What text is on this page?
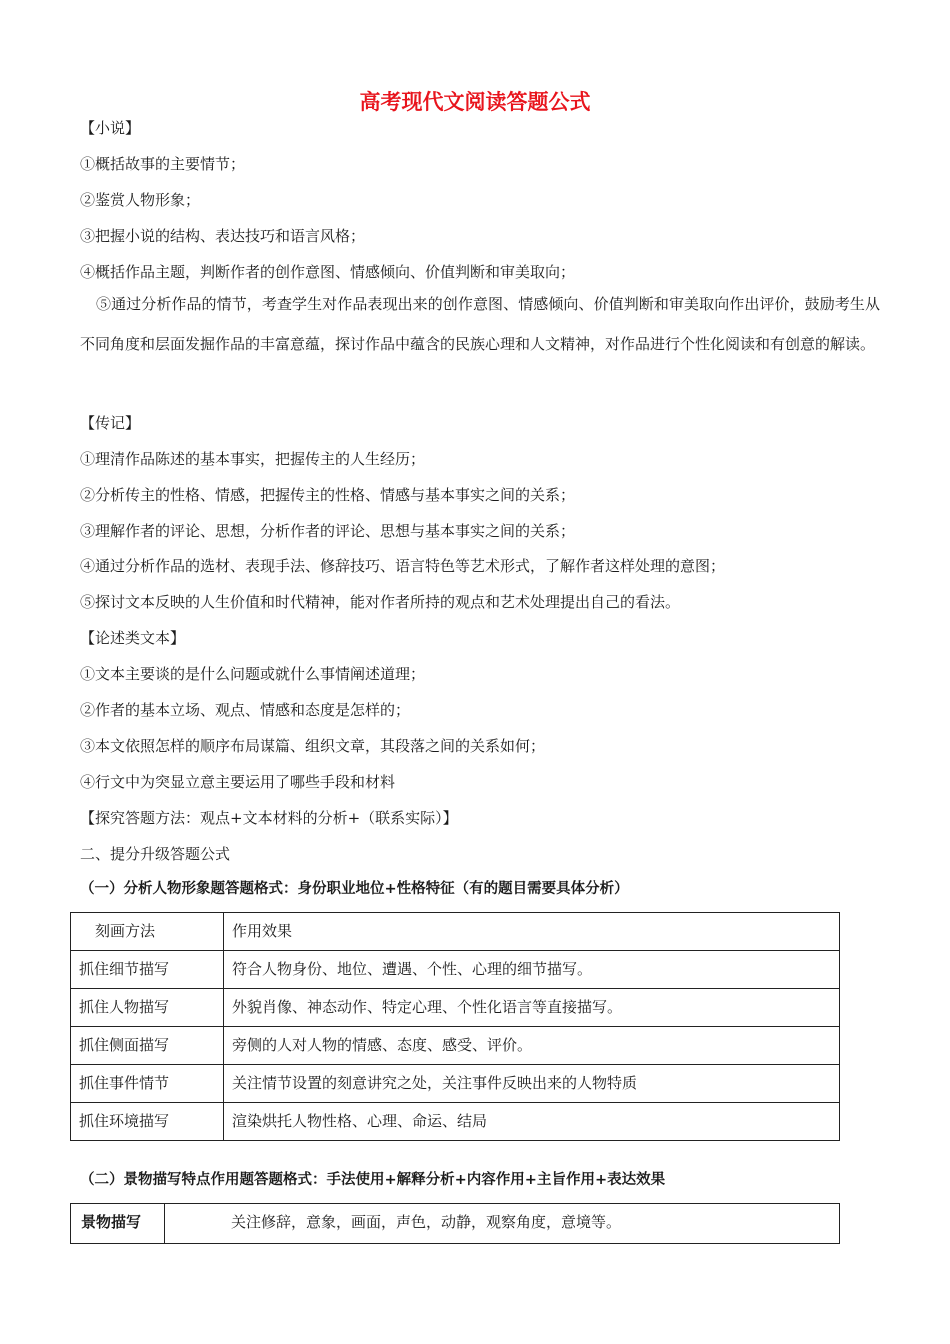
高考现代文阅读答题公式
【小说】
①概括故事的主要情节；
②鉴赏人物形象；
③把握小说的结构、表达技巧和语言风格；
④概括作品主题，判断作者的创作意图、情感倾向、价值判断和审美取向；
⑤通过分析作品的情节，考查学生对作品表现出来的创作意图、情感倾向、价值判断和审美取向作出评价，鼓励考生从不同角度和层面发掘作品的丰富意蕴，探讨作品中蕴含的民族心理和人文精神，对作品进行个性化阅读和有创意的解读。
【传记】
①理清作品陈述的基本事实，把握传主的人生经历；
②分析传主的性格、情感，把握传主的性格、情感与基本事实之间的关系；
③理解作者的评论、思想，分析作者的评论、思想与基本事实之间的关系；
④通过分析作品的选材、表现手法、修辞技巧、语言特色等艺术形式，了解作者这样处理的意图；
⑤探讨文本反映的人生价值和时代精神，能对作者所持的观点和艺术处理提出自己的看法。
【论述类文本】
①文本主要谈的是什么问题或就什么事情阐述道理；
②作者的基本立场、观点、情感和态度是怎样的；
③本文依照怎样的顺序布局谋篇、组织文章，其段落之间的关系如何；
④行文中为突显立意主要运用了哪些手段和材料
【探究答题方法：观点+文本材料的分析+（联系实际）】
二、提分升级答题公式
（一）分析人物形象题答题格式：身份职业地位+性格特征（有的题目需要具体分析）
刻画方法	作用效果
抓住细节描写	符合人物身份、地位、遭遇、个性、心理的细节描写。
抓住人物描写	外貌肖像、神态动作、特定心理、个性化语言等直接描写。
抓住侧面描写	旁侧的人对人物的情感、态度、感受、评价。
抓住事件情节	关注情节设置的刻意讲究之处，关注事件反映出来的人物特质
抓住环境描写	渲染烘托人物性格、心理、命运、结局
（二）景物描写特点作用题答题格式：手法使用+解释分析+内容作用+主旨作用+表达效果
景物描写	关注修辞，意象，画面，声色，动静，观察角度，意境等。
